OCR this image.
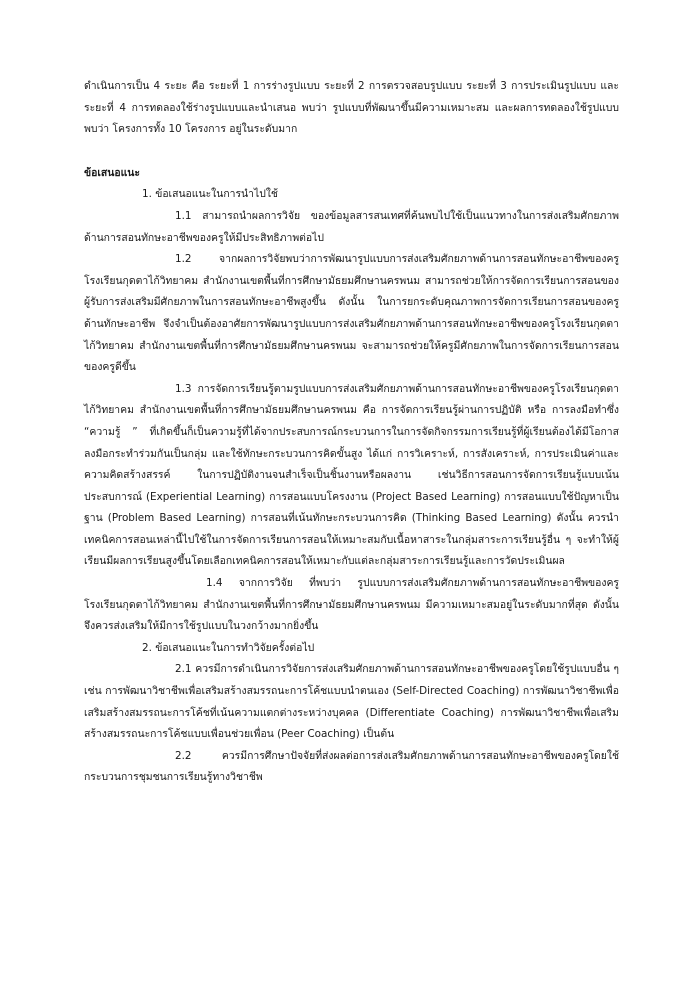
ดำเนินการเป็น 4 ระยะ คือ ระยะที่ 1 การร่างรูปแบบ ระยะที่ 2 การตรวจสอบรูปแบบ ระยะที่ 3 การประเมินรูปแบบ และระยะที่ 4 การทดลองใช้ร่างรูปแบบและนำเสนอ พบว่า รูปแบบที่พัฒนาขึ้นมีความเหมาะสม และผลการทดลองใช้รูปแบบ พบว่า โครงการทั้ง 10 โครงการ อยู่ในระดับมาก

ข้อเสนอแนะ

1. ข้อเสนอแนะในการนำไปใช้

1.1 สามารถนำผลการวิจัย ของข้อมูลสารสนเทศที่ค้นพบไปใช้เป็นแนวทางในการส่งเสริมศักยภาพด้านการสอนทักษะอาชีพของครูให้มีประสิทธิภาพต่อไป

1.2 จากผลการวิจัยพบว่าการพัฒนารูปแบบการส่งเสริมศักยภาพด้านการสอนทักษะอาชีพของครู โรงเรียนกุดตาไก้วิทยาคม สำนักงานเขตพื้นที่การศึกษามัธยมศึกษานครพนม สามารถช่วยให้การจัดการเรียนการสอนของผู้รับการส่งเสริมมีศักยภาพในการสอนทักษะอาชีพสูงขึ้น ดังนั้น ในการยกระดับคุณภาพการจัดการเรียนการสอนของครูด้านทักษะอาชีพ จึงจำเป็นต้องอาศัยการพัฒนารูปแบบการส่งเสริมศักยภาพด้านการสอนทักษะอาชีพของครูโรงเรียนกุดตาไก้วิทยาคม สำนักงานเขตพื้นที่การศึกษามัธยมศึกษานครพนม จะสามารถช่วยให้ครูมีศักยภาพในการจัดการเรียนการสอน ของครูดีขึ้น

1.3 การจัดการเรียนรู้ตามรูปแบบการส่งเสริมศักยภาพด้านการสอนทักษะอาชีพของครูโรงเรียนกุดตาไก้วิทยาคม สำนักงานเขตพื้นที่การศึกษามัธยมศึกษานครพนม คือ การจัดการเรียนรู้ผ่านการปฏิบัติ หรือ การลงมือทำซึ่ง “ความรู้ ” ที่เกิดขึ้นก็เป็นความรู้ที่ได้จากประสบการณ์กระบวนการในการจัดกิจกรรมการเรียนรู้ที่ผู้เรียนต้องได้มีโอกาสลงมือกระทำร่วมกันเป็นกลุ่ม และใช้ทักษะกระบวนการคิดขั้นสูง ได้แก่ การวิเคราะห์, การสังเคราะห์, การประเมินค่าและความคิดสร้างสรรค์ ในการปฏิบัติงานจนสำเร็จเป็นชิ้นงานหรือผลงาน เช่นวิธีการสอนการจัดการเรียนรู้แบบเน้นประสบการณ์ (Experiential Learning) การสอนแบบโครงงาน (Project Based Learning) การสอนแบบใช้ปัญหาเป็นฐาน (Problem Based Learning) การสอนที่เน้นทักษะกระบวนการคิด (Thinking Based Learning) ดังนั้น ควรนำเทคนิคการสอนเหล่านี้ไปใช้ในการจัดการเรียนการสอนให้เหมาะสมกับเนื้อหาสาระในกลุ่มสาระการเรียนรู้อื่น ๆ จะทำให้ผู้เรียนมีผลการเรียนสูงขึ้นโดยเลือกเทคนิคการสอนให้เหมาะกับแต่ละกลุ่มสาระการเรียนรู้และการวัดประเมินผล

1.4 จากการวิจัย ที่พบว่า รูปแบบการส่งเสริมศักยภาพด้านการสอนทักษะอาชีพของครู โรงเรียนกุดตาไก้วิทยาคม สำนักงานเขตพื้นที่การศึกษามัธยมศึกษานครพนม มีความเหมาะสมอยู่ในระดับมากที่สุด ดังนั้นจึงควรส่งเสริมให้มีการใช้รูปแบบในวงกว้างมากยิ่งขึ้น

2. ข้อเสนอแนะในการทำวิจัยครั้งต่อไป

2.1 ควรมีการดำเนินการวิจัยการส่งเสริมศักยภาพด้านการสอนทักษะอาชีพของครูโดยใช้รูปแบบอื่น ๆ เช่น การพัฒนาวิชาชีพเพื่อเสริมสร้างสมรรถนะการโค้ชแบบนำตนเอง (Self-Directed Coaching) การพัฒนาวิชาชีพเพื่อเสริมสร้างสมรรถนะการโค้ชที่เน้นความแตกต่างระหว่างบุคคล (Differentiate Coaching) การพัฒนาวิชาชีพเพื่อเสริมสร้างสมรรถนะการโค้ชแบบเพื่อนช่วยเพื่อน (Peer Coaching) เป็นต้น

2.2 ควรมีการศึกษาปัจจัยที่ส่งผลต่อการส่งเสริมศักยภาพด้านการสอนทักษะอาชีพของครูโดยใช้กระบวนการชุมชนการเรียนรู้ทางวิชาชีพ
